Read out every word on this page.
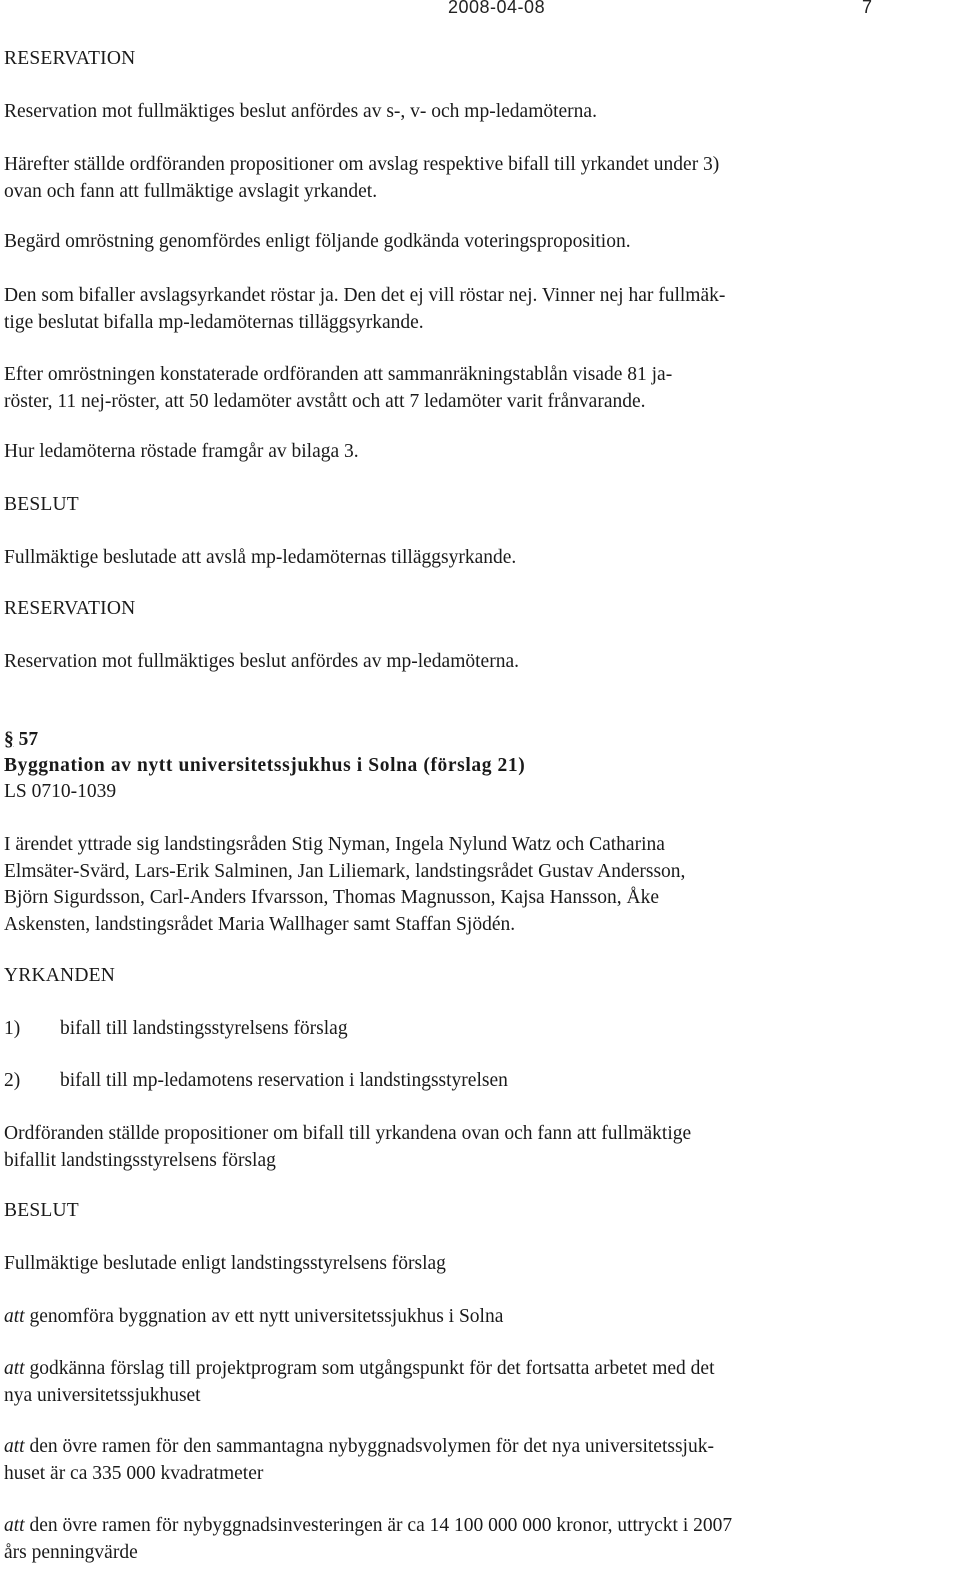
2008-04-08	7
RESERVATION
Reservation mot fullmäktiges beslut anfördes av s-, v- och mp-ledamöterna.
Härefter ställde ordföranden propositioner om avslag respektive bifall till yrkandet under 3)
ovan och fann att fullmäktige avslagit yrkandet.
Begärd omröstning genomfördes enligt följande godkända voteringsproposition.
Den som bifaller avslagsyrkandet röstar ja. Den det ej vill röstar nej. Vinner nej har fullmäk-
tige beslutat bifalla mp-ledamöternas tilläggsyrkande.
Efter omröstningen konstaterade ordföranden att sammanräkningstablån visade 81 ja-
röster, 11 nej-röster, att 50 ledamöter avstått och att 7 ledamöter varit frånvarande.
Hur ledamöterna röstade framgår av bilaga 3.
BESLUT
Fullmäktige beslutade att avslå mp-ledamöternas tilläggsyrkande.
RESERVATION
Reservation mot fullmäktiges beslut anfördes av mp-ledamöterna.
§ 57
Byggnation av nytt universitetssjukhus i Solna (förslag 21)
LS 0710-1039
I ärendet yttrade sig landstingsråden Stig Nyman, Ingela Nylund Watz och Catharina
Elmsäter-Svärd, Lars-Erik Salminen, Jan Liliemark, landstingsrådet Gustav Andersson,
Björn Sigurdsson, Carl-Anders Ifvarsson, Thomas Magnusson, Kajsa Hansson, Åke
Askensten, landstingsrådet Maria Wallhager samt Staffan Sjödén.
YRKANDEN
1) bifall till landstingsstyrelsens förslag
2) bifall till mp-ledamotens reservation i landstingsstyrelsen
Ordföranden ställde propositioner om bifall till yrkandena ovan och fann att fullmäktige
bifallit landstingsstyrelsens förslag
BESLUT
Fullmäktige beslutade enligt landstingsstyrelsens förslag
att genomföra byggnation av ett nytt universitetssjukhus i Solna
att godkänna förslag till projektprogram som utgångspunkt för det fortsatta arbetet med det
nya universitetssjukhuset
att den övre ramen för den sammantagna nybyggnadsvolymen för det nya universitetssjuk-
huset är ca 335 000 kvadratmeter
att den övre ramen för nybyggnadsinvesteringen är ca 14 100 000 000 kronor, uttryckt i 2007
års penningvärde
